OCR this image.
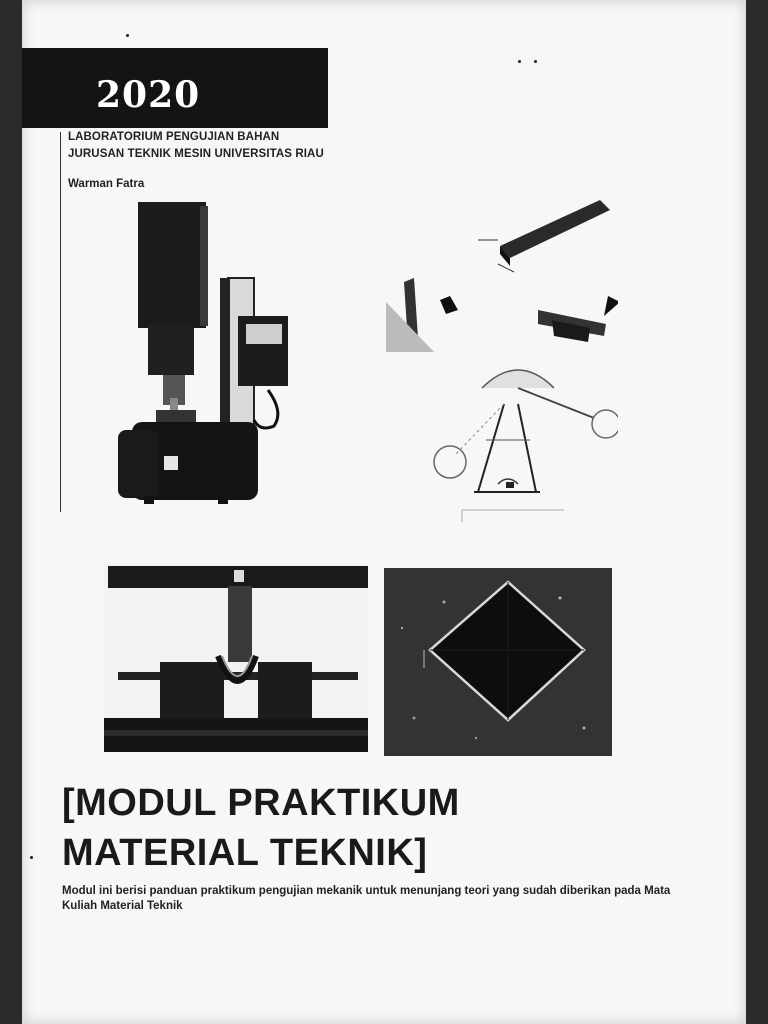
2020
LABORATORIUM PENGUJIAN BAHAN
JURUSAN TEKNIK MESIN UNIVERSITAS RIAU
Warman Fatra
[MODUL PRAKTIKUM
MATERIAL TEKNIK]
Modul ini berisi panduan praktikum pengujian mekanik untuk menunjang teori yang sudah diberikan pada Mata Kuliah Material Teknik
